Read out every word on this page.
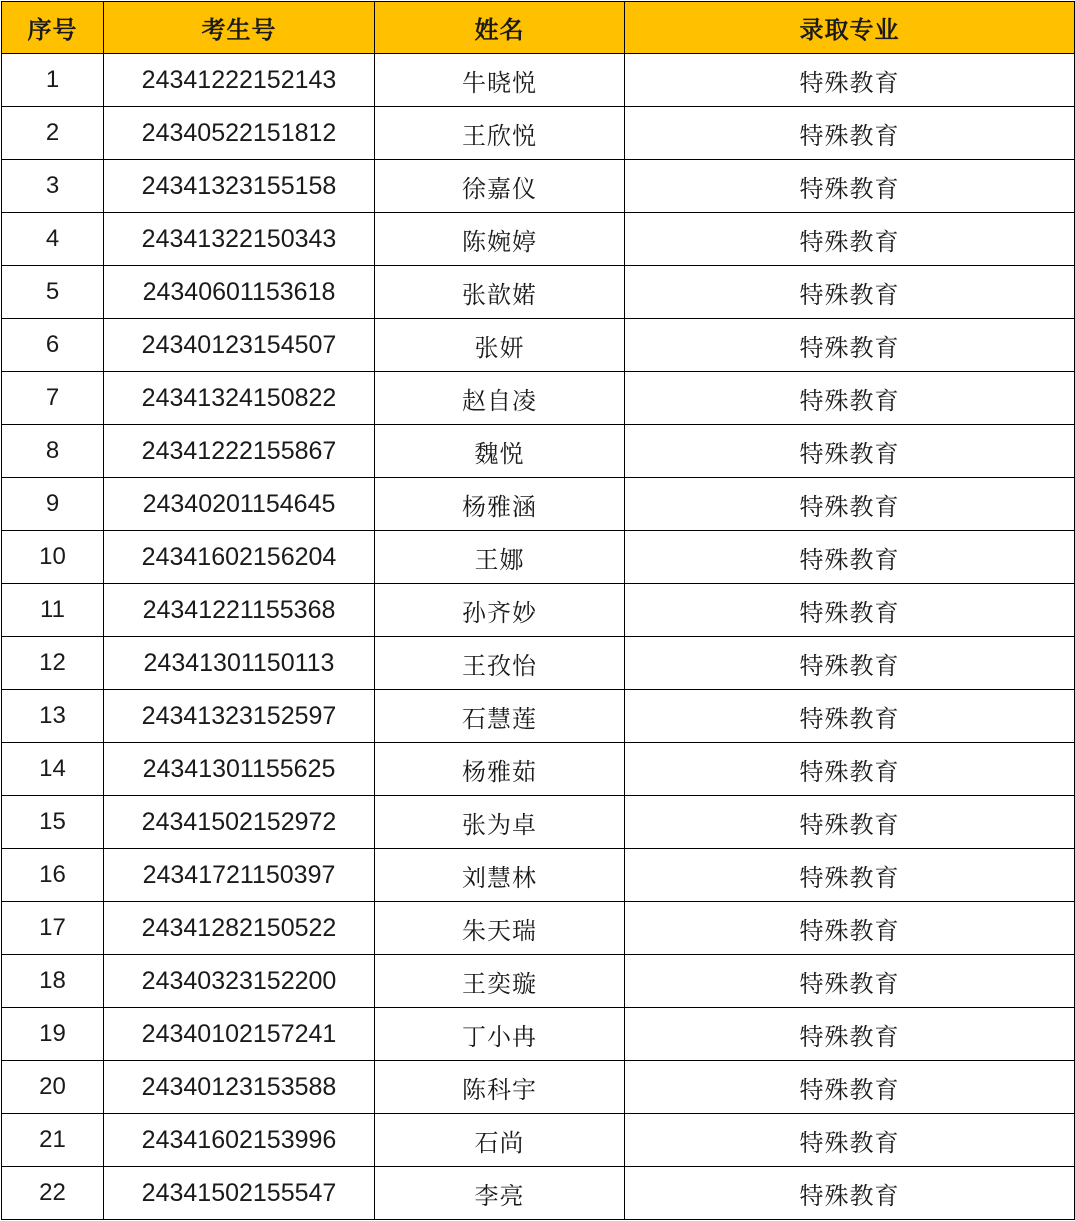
序号	考生号	姓名	录取专业
1	24341222152143	牛晓悦	特殊教育
2	24340522151812	王欣悦	特殊教育
3	24341323155158	徐嘉仪	特殊教育
4	24341322150343	陈婉婷	特殊教育
5	24340601153618	张歆婼	特殊教育
6	24340123154507	张妍	特殊教育
7	24341324150822	赵自凌	特殊教育
8	24341222155867	魏悦	特殊教育
9	24340201154645	杨雅涵	特殊教育
10	24341602156204	王娜	特殊教育
11	24341221155368	孙齐妙	特殊教育
12	24341301150113	王孜怡	特殊教育
13	24341323152597	石慧莲	特殊教育
14	24341301155625	杨雅茹	特殊教育
15	24341502152972	张为卓	特殊教育
16	24341721150397	刘慧林	特殊教育
17	24341282150522	朱天瑞	特殊教育
18	24340323152200	王奕璇	特殊教育
19	24340102157241	丁小冉	特殊教育
20	24340123153588	陈科宇	特殊教育
21	24341602153996	石尚	特殊教育
22	24341502155547	李亮	特殊教育
